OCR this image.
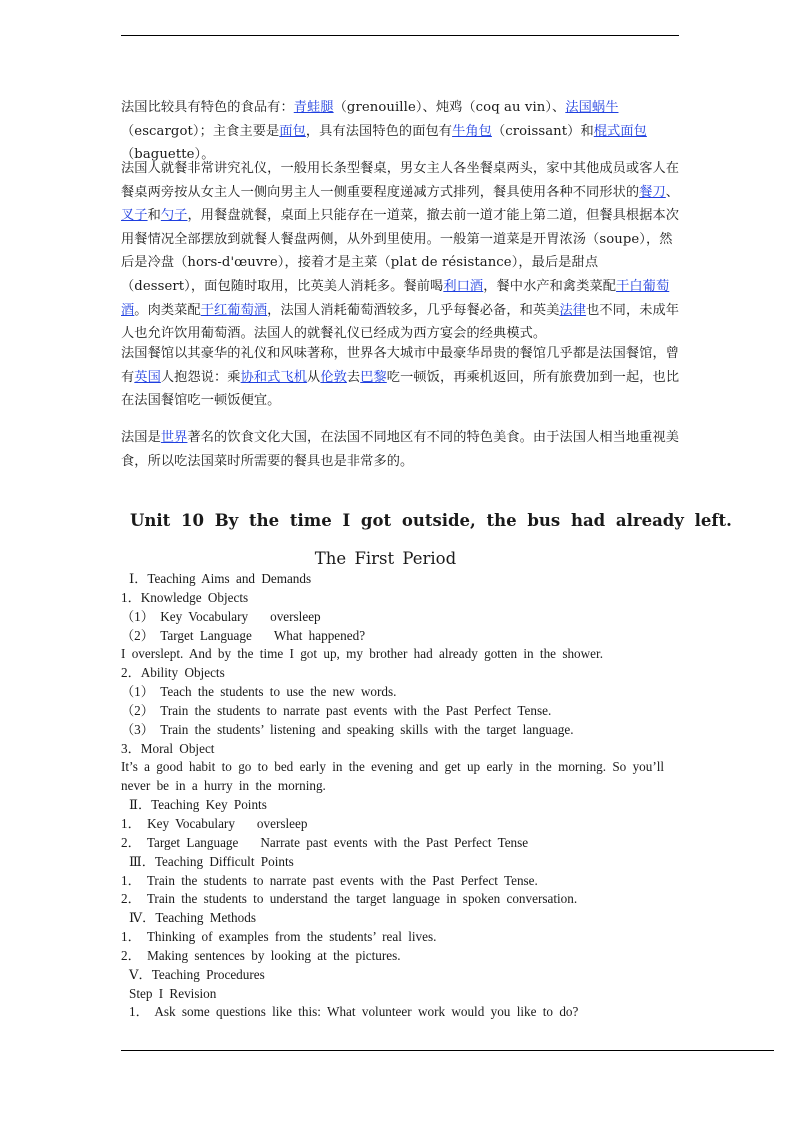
法国比较具有特色的食品有：青蛙腿（grenouille）、炖鸡（coq au vin）、法国蜗牛（escargot）；主食主要是面包，具有法国特色的面包有牛角包（croissant）和棍式面包（baguette）。

法国人就餐非常讲究礼仪，一般用长条型餐桌，男女主人各坐餐桌两头，家中其他成员或客人在餐桌两旁按从女主人一侧向男主人一侧重要程度递减方式排列，餐具使用各种不同形状的餐刀、叉子和勺子，用餐盘就餐，桌面上只能存在一道菜，撤去前一道才能上第二道，但餐具根据本次用餐情况全部摆放到就餐人餐盘两侧，从外到里使用。一般第一道菜是开胃浓汤（soupe），然后是冷盘（hors-d'œuvre），接着才是主菜（plat de résistance），最后是甜点（dessert），面包随时取用，比英美人消耗多。餐前喝利口酒，餐中水产和禽类菜配干白葡萄酒。肉类菜配干红葡萄酒，法国人消耗葡萄酒较多，几乎每餐必备，和英美法律也不同，未成年人也允许饮用葡萄酒。法国人的就餐礼仪已经成为西方宴会的经典模式。

法国餐馆以其豪华的礼仪和风味著称，世界各大城市中最豪华昂贵的餐馆几乎都是法国餐馆，曾有英国人抱怨说：乘协和式飞机从伦敦去巴黎吃一顿饭，再乘机返回，所有旅费加到一起，也比在法国餐馆吃一顿饭便宜。

法国是世界著名的饮食文化大国，在法国不同地区有不同的特色美食。由于法国人相当地重视美食，所以吃法国菜时所需要的餐具也是非常多的。

Unit 10 By the time I got outside, the bus had already left.
The First Period
Ⅰ．Teaching Aims and Demands
1．Knowledge Objects
（1） Key Vocabulary oversleep
（2） Target Language What happened?
I overslept. And by the time I got up, my brother had already gotten in the shower.
2．Ability Objects
（1） Teach the students to use the new words.
（2） Train the students to narrate past events with the Past Perfect Tense.
（3） Train the students’ listening and speaking skills with the target language.
3．Moral Object
It’s a good habit to go to bed early in the evening and get up early in the morning. So you’ll never be in a hurry in the morning.
Ⅱ．Teaching Key Points
1． Key Vocabulary oversleep
2． Target Language Narrate past events with the Past Perfect Tense
Ⅲ．Teaching Difficult Points
1． Train the students to narrate past events with the Past Perfect Tense.
2． Train the students to understand the target language in spoken conversation.
Ⅳ．Teaching Methods
1． Thinking of examples from the students’ real lives.
2． Making sentences by looking at the pictures.
Ⅴ．Teaching Procedures
Step I Revision
1． Ask some questions like this: What volunteer work would you like to do?
